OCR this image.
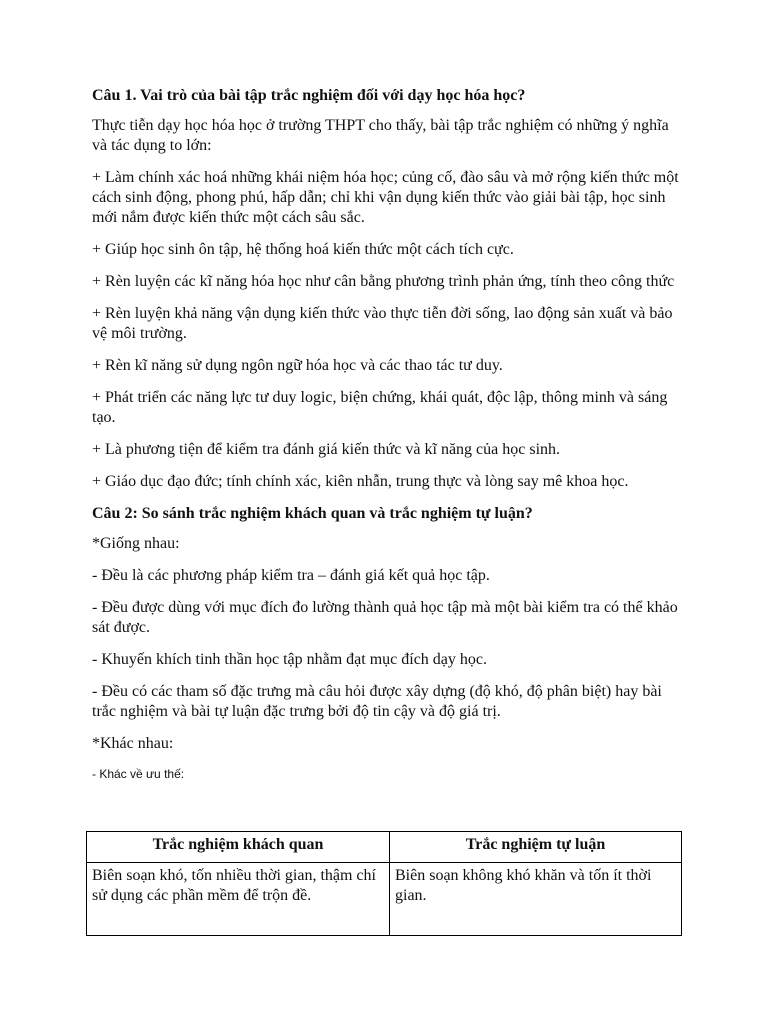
Câu 1. Vai trò của bài tập trắc nghiệm đối với dạy học hóa học?

Thực tiễn dạy học hóa học ở trường THPT cho thấy, bài tập trắc nghiệm có những ý nghĩa và tác dụng to lớn:

+ Làm chính xác hoá những khái niệm hóa học; củng cố, đào sâu và mở rộng kiến thức một cách sinh động, phong phú, hấp dẫn; chỉ khi vận dụng kiến thức vào giải bài tập, học sinh mới nắm được kiến thức một cách sâu sắc.

+ Giúp học sinh ôn tập, hệ thống hoá kiến thức một cách tích cực.

+ Rèn luyện các kĩ năng hóa học như cân bằng phương trình phản ứng, tính theo công thức

+ Rèn luyện khả năng vận dụng kiến thức vào thực tiễn đời sống, lao động sản xuất và bảo vệ môi trường.

+ Rèn kĩ năng sử dụng ngôn ngữ hóa học và các thao tác tư duy.

+ Phát triển các năng lực tư duy logic, biện chứng, khái quát, độc lập, thông minh và sáng tạo.

+ Là phương tiện để kiểm tra đánh giá kiến thức và kĩ năng của học sinh.

+ Giáo dục đạo đức; tính chính xác, kiên nhẫn, trung thực và lòng say mê khoa học.

Câu 2: So sánh trắc nghiệm khách quan và trắc nghiệm tự luận?

*Giống nhau:

- Đều là các phương pháp kiểm tra – đánh giá kết quả học tập.

- Đều được dùng với mục đích đo lường thành quả học tập mà một bài kiểm tra có thể khảo sát được.

- Khuyến khích tinh thần học tập nhằm đạt mục đích dạy học.

- Đều có các tham số đặc trưng mà câu hỏi được xây dựng (độ khó, độ phân biệt) hay bài trắc nghiệm và bài tự luận đặc trưng bởi độ tin cậy và độ giá trị.

*Khác nhau:

- Khác về ưu thế:

Trắc nghiệm khách quan	Trắc nghiệm tự luận
Biên soạn khó, tốn nhiều thời gian, thậm chí sử dụng các phần mềm để trộn đề.	Biên soạn không khó khăn và tốn ít thời gian.
